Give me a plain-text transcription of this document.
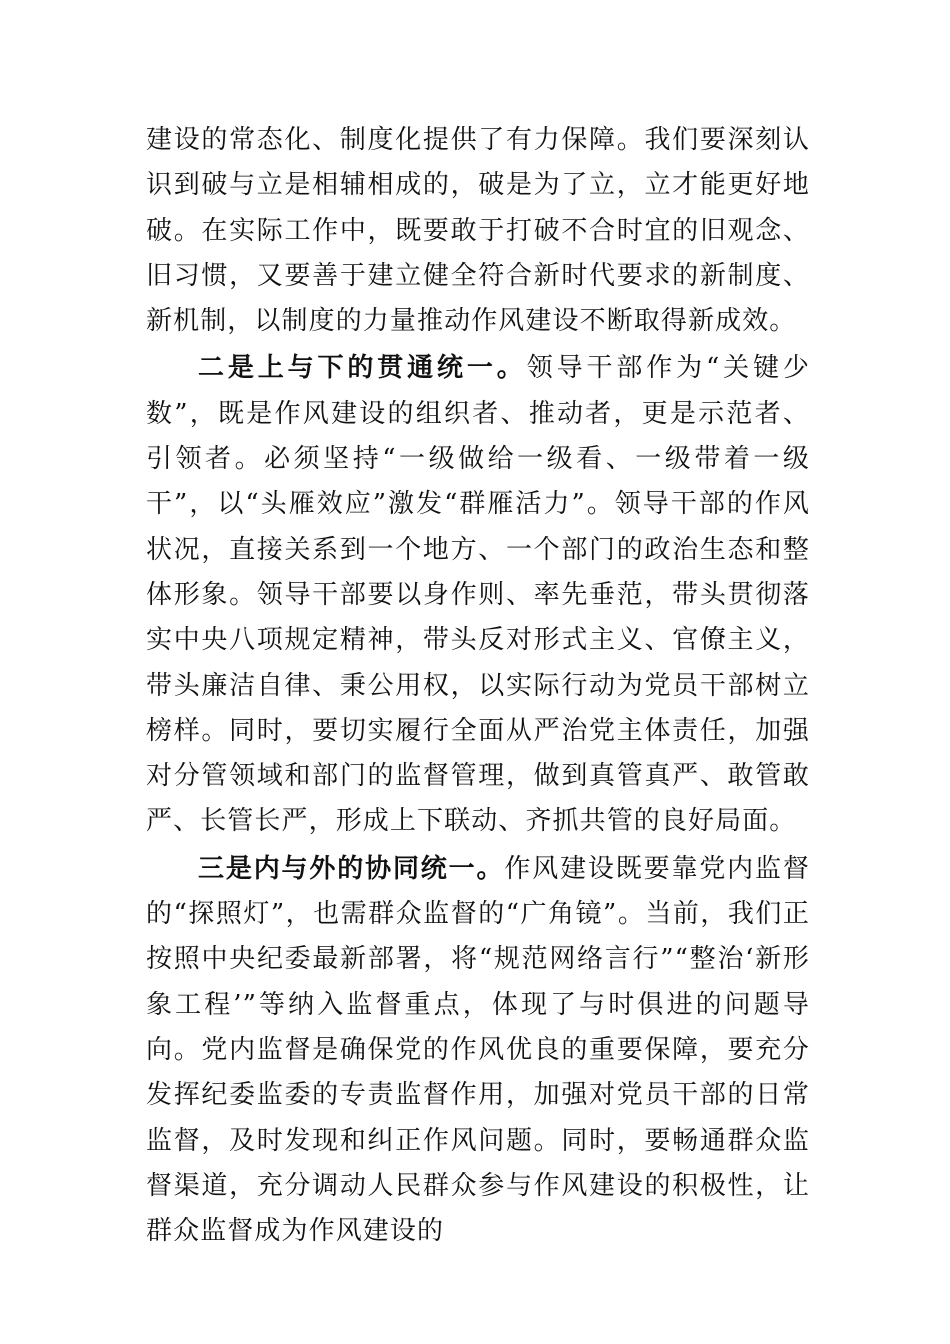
建设的常态化、制度化提供了有力保障。我们要深刻认识到破与立是相辅相成的，破是为了立，立才能更好地破。在实际工作中，既要敢于打破不合时宜的旧观念、旧习惯，又要善于建立健全符合新时代要求的新制度、新机制，以制度的力量推动作风建设不断取得新成效。

二是上与下的贯通统一。领导干部作为“关键少数”，既是作风建设的组织者、推动者，更是示范者、引领者。必须坚持“一级做给一级看、一级带着一级干”，以“头雁效应”激发“群雁活力”。领导干部的作风状况，直接关系到一个地方、一个部门的政治生态和整体形象。领导干部要以身作则、率先垂范，带头贯彻落实中央八项规定精神，带头反对形式主义、官僚主义，带头廉洁自律、秉公用权，以实际行动为党员干部树立榜样。同时，要切实履行全面从严治党主体责任，加强对分管领域和部门的监督管理，做到真管真严、敢管敢严、长管长严，形成上下联动、齐抓共管的良好局面。

三是内与外的协同统一。作风建设既要靠党内监督的“探照灯”，也需群众监督的“广角镜”。当前，我们正按照中央纪委最新部署，将“规范网络言行”“整治‘新形象工程’”等纳入监督重点，体现了与时俱进的问题导向。党内监督是确保党的作风优良的重要保障，要充分发挥纪委监委的专责监督作用，加强对党员干部的日常监督，及时发现和纠正作风问题。同时，要畅通群众监督渠道，充分调动人民群众参与作风建设的积极性，让群众监督成为作风建设的
